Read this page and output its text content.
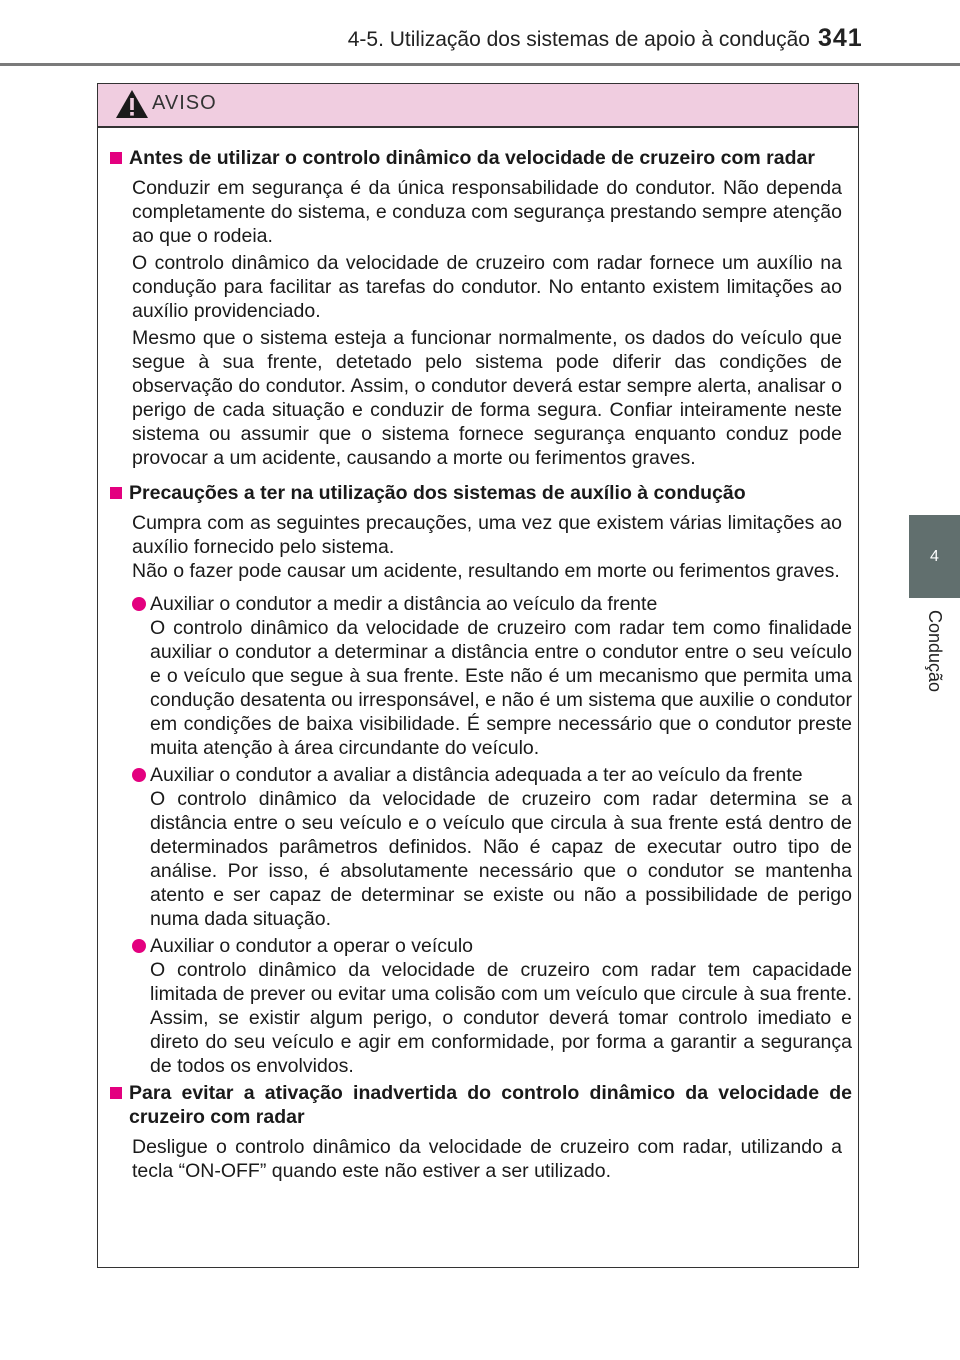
4-5. Utilização dos sistemas de apoio à condução 341
4
Condução
AVISO
Antes de utilizar o controlo dinâmico da velocidade de cruzeiro com radar
Conduzir em segurança é da única responsabilidade do condutor. Não dependa completamente do sistema, e conduza com segurança prestando sempre atenção ao que o rodeia.
O controlo dinâmico da velocidade de cruzeiro com radar fornece um auxílio na condução para facilitar as tarefas do condutor. No entanto existem limitações ao auxílio providenciado.
Mesmo que o sistema esteja a funcionar normalmente, os dados do veículo que segue à sua frente, detetado pelo sistema pode diferir das condições de observação do condutor. Assim, o condutor deverá estar sempre alerta, analisar o perigo de cada situação e conduzir de forma segura. Confiar inteiramente neste sistema ou assumir que o sistema fornece segurança enquanto conduz pode provocar a um acidente, causando a morte ou ferimentos graves.
Precauções a ter na utilização dos sistemas de auxílio à condução
Cumpra com as seguintes precauções, uma vez que existem várias limitações ao auxílio fornecido pelo sistema.
Não o fazer pode causar um acidente, resultando em morte ou ferimentos graves.
Auxiliar o condutor a medir a distância ao veículo da frente
O controlo dinâmico da velocidade de cruzeiro com radar tem como finalidade auxiliar o condutor a determinar a distância entre o condutor entre o seu veículo e o veículo que segue à sua frente. Este não é um mecanismo que permita uma condução desatenta ou irresponsável, e não é um sistema que auxilie o condutor em condições de baixa visibilidade. É sempre necessário que o condutor preste muita atenção à área circundante do veículo.
Auxiliar o condutor a avaliar a distância adequada a ter ao veículo da frente
O controlo dinâmico da velocidade de cruzeiro com radar determina se a distância entre o seu veículo e o veículo que circula à sua frente está dentro de determinados parâmetros definidos. Não é capaz de executar outro tipo de análise. Por isso, é absolutamente necessário que o condutor se mantenha atento e ser capaz de determinar se existe ou não a possibilidade de perigo numa dada situação.
Auxiliar o condutor a operar o veículo
O controlo dinâmico da velocidade de cruzeiro com radar tem capacidade limitada de prever ou evitar uma colisão com um veículo que circule à sua frente. Assim, se existir algum perigo, o condutor deverá tomar controlo imediato e direto do seu veículo e agir em conformidade, por forma a garantir a segurança de todos os envolvidos.
Para evitar a ativação inadvertida do controlo dinâmico da velocidade de cruzeiro com radar
Desligue o controlo dinâmico da velocidade de cruzeiro com radar, utilizando a tecla “ON-OFF” quando este não estiver a ser utilizado.
